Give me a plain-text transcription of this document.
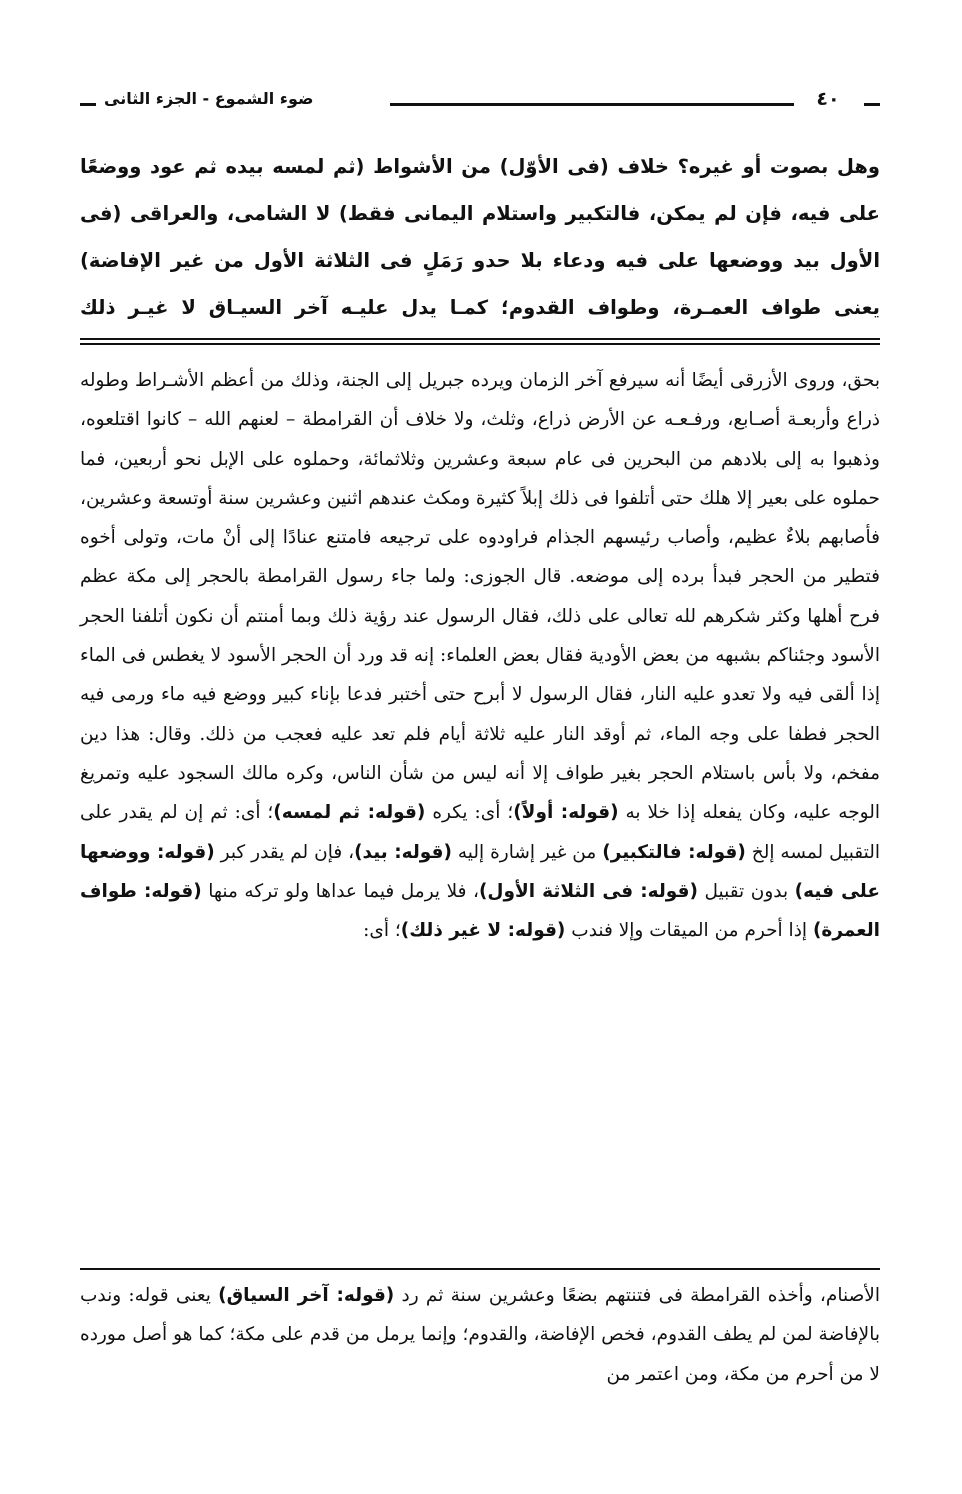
٤٠
ضوء الشموع - الجزء الثانى

وهل بصوت أو غيره؟ خلاف (فى الأوّل) من الأشواط (ثم لمسه بيده ثم عود ووضعًا على فيه، فإن لم يمكن، فالتكبير واستلام اليمانى فقط) لا الشامى، والعراقى (فى الأول بيد ووضعها على فيه ودعاء بلا حدو رَمَلٍ فى الثلاثة الأول من غير الإفاضة) يعنى طواف العمـرة، وطواف القدوم؛ كمـا يدل عليـه آخر السيـاق لا غيـر ذلك

بحق، وروى الأزرقى أيضًا أنه سيرفع آخر الزمان ويرده جبريل إلى الجنة، وذلك من أعظم الأشـراط وطوله ذراع وأربعـة أصـابع، ورفـعـه عن الأرض ذراع، وثلث، ولا خلاف أن القرامطة – لعنهم الله – كانوا اقتلعوه، وذهبوا به إلى بلادهم من البحرين فى عام سبعة وعشرين وثلاثمائة، وحملوه على الإبل نحو أربعين، فما حملوه على بعير إلا هلك حتى أتلفوا فى ذلك إبلاً كثيرة ومكث عندهم اثنين وعشرين سنة أوتسعة وعشرين، فأصابهم بلاءٌ عظيم، وأصاب رئيسهم الجذام فراودوه على ترجيعه فامتنع عنادًا إلى أنْ مات، وتولى أخوه فتطير من الحجر فبدأ برده إلى موضعه. قال الجوزى: ولما جاء رسول القرامطة بالحجر إلى مكة عظم فرح أهلها وكثر شكرهم لله تعالى على ذلك، فقال الرسول عند رؤية ذلك وبما أمنتم أن نكون أتلفنا الحجر الأسود وجئناكم بشبهه من بعض الأودية فقال بعض العلماء: إنه قد ورد أن الحجر الأسود لا يغطس فى الماء إذا ألقى فيه ولا تعدو عليه النار، فقال الرسول لا أبرح حتى أختبر فدعا بإناء كبير ووضع فيه ماء ورمى فيه الحجر فطفا على وجه الماء، ثم أوقد النار عليه ثلاثة أيام فلم تعد عليه فعجب من ذلك. وقال: هذا دين مفخم، ولا بأس باستلام الحجر بغير طواف إلا أنه ليس من شأن الناس، وكره مالك السجود عليه وتمريغ الوجه عليه، وكان يفعله إذا خلا به (قوله: أولاً)؛ أى: يكره (قوله: ثم لمسه)؛ أى: ثم إن لم يقدر على التقبيل لمسه إلخ (قوله: فالتكبير) من غير إشارة إليه (قوله: بيد)، فإن لم يقدر كبر (قوله: ووضعها على فيه) بدون تقبيل (قوله: فى الثلاثة الأول)، فلا يرمل فيما عداها ولو تركه منها (قوله: طواف العمرة) إذا أحرم من الميقات وإلا فندب (قوله: لا غير ذلك)؛ أى:

الأصنام، وأخذه القرامطة فى فتنتهم بضعًا وعشرين سنة ثم رد (قوله: آخر السياق) يعنى قوله: وندب بالإفاضة لمن لم يطف القدوم، فخص الإفاضة، والقدوم؛ وإنما يرمل من قدم على مكة؛ كما هو أصل مورده لا من أحرم من مكة، ومن اعتمر من
